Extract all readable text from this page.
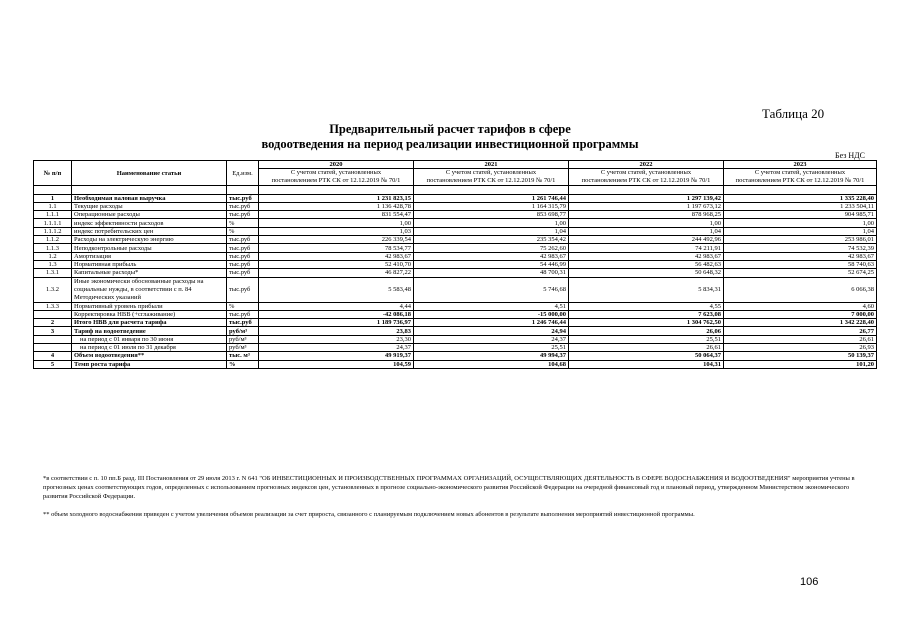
Таблица 20
Предварительный расчет тарифов в сфере
водоотведения на период реализации инвестиционной программы
Без НДС
№ п/п	Наименование статьи	Ед.изм.	2020	2021	2022	2023
			С учетом статей, установленных постановлением РТК СК от 12.12.2019 № 70/1	С учетом статей, установленных постановлением РТК СК от 12.12.2019 № 70/1	С учетом статей, установленных постановлением РТК СК от 12.12.2019 № 70/1	С учетом статей, установленных постановлением РТК СК от 12.12.2019 № 70/1

1	Необходимая валовая выручка	тыс.руб	1 231 823,15	1 261 746,44	1 297 139,42	1 335 228,40
1.1	Текущие расходы	тыс.руб	1 136 428,78	1 164 315,79	1 197 673,12	1 233 504,11
1.1.1	Операционные расходы	тыс.руб	831 554,47	853 698,77	878 968,25	904 985,71
1.1.1.1	индекс эффективности расходов	%	1,00	1,00	1,00	1,00
1.1.1.2	индекс потребительских цен	%	1,03	1,04	1,04	1,04
1.1.2	Расходы на электрическую энергию	тыс.руб	226 339,54	235 354,42	244 492,96	253 986,01
1.1.3	Неподконтрольные расходы	тыс.руб	78 534,77	75 262,60	74 211,91	74 532,39
1.2	Амортизация	тыс.руб	42 983,67	42 983,67	42 983,67	42 983,67
1.3	Нормативная прибыль	тыс.руб	52 410,70	54 446,99	56 482,63	58 740,63
1.3.1	Капитальные расходы*	тыс.руб	46 827,22	48 700,31	50 648,32	52 674,25
1.3.2	Иные экономически обоснованные расходы на социальные нужды, в соответствии с п. 84 Методических указаний	тыс.руб	5 583,48	5 746,68	5 834,31	6 066,38
1.3.3	Нормативный уровень прибыли	%	4,44	4,51	4,55	4,60
	Корректировка НВВ (+сглаживание)	тыс.руб	-42 086,18	-15 000,00	7 623,08	7 000,00
2	Итого НВВ для расчета тарифа	тыс.руб	1 189 736,97	1 246 746,44	1 304 762,50	1 342 228,40
3	Тариф на водоотведение	руб/м³	23,83	24,94	26,06	26,77
	на период с 01 января по 30 июня	руб/м³	23,30	24,37	25,51	26,61
	на период с 01 июля по 31 декабря	руб/м³	24,37	25,51	26,61	26,93
4	Объем водоотведения**	тыс. м³	49 919,37	49 994,37	50 064,37	50 139,37
5	Темп роста тарифа	%	104,59	104,68	104,31	101,20
*в соответствии с п. 10 пп.Б разд. III Постановления от 29 июля 2013 г. N 641 "ОБ ИНВЕСТИЦИОННЫХ И ПРОИЗВОДСТВЕННЫХ ПРОГРАММАХ ОРГАНИЗАЦИЙ, ОСУЩЕСТВЛЯЮЩИХ ДЕЯТЕЛЬНОСТЬ В СФЕРЕ ВОДОСНАБЖЕНИЯ И ВОДООТВЕДЕНИЯ" мероприятия учтены в прогнозных ценах соответствующих годов, определенных с использованием прогнозных индексов цен, установленных в прогнозе социально-экономического развития Российской Федерации на очередной финансовый год и плановый период, утвержденном Министерством экономического развития Российской Федерации.
** объем холодного водоснабжения приведен с учетом увеличения объемов реализации за счет прироста, связанного с планируемым подключением новых абонентов в результате выполнения мероприятий инвестиционной программы.
106
